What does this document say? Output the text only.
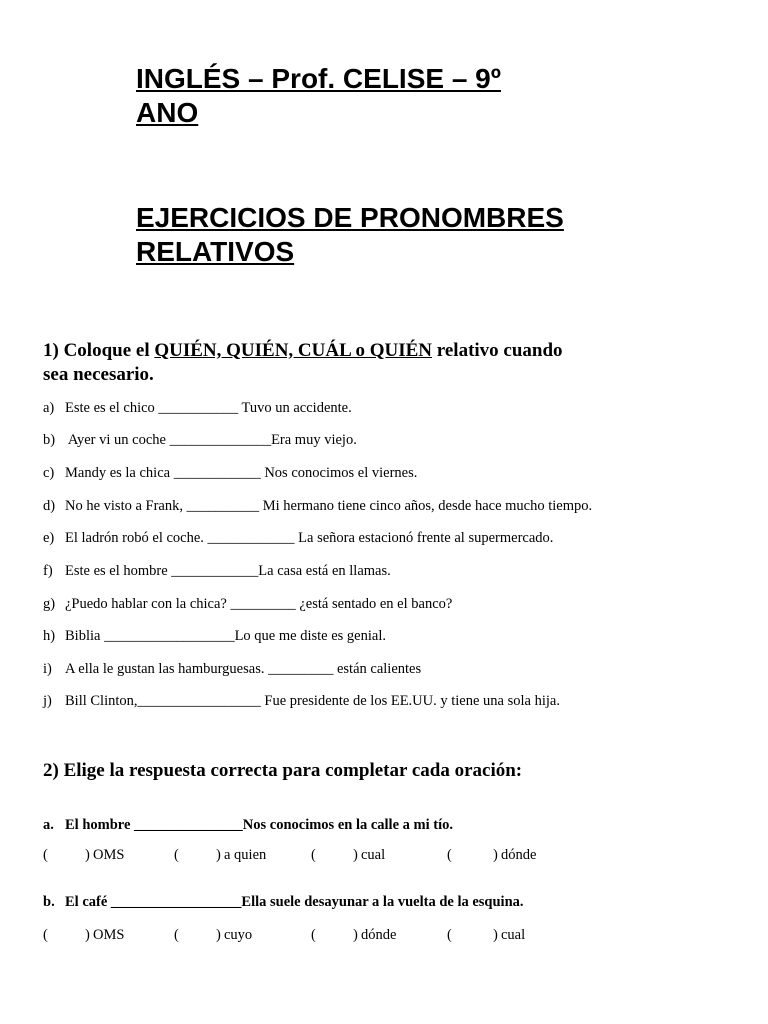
INGLÉS – Prof. CELISE – 9º
ANO
EJERCICIOS DE PRONOMBRES
RELATIVOS

1) Coloque el QUIÉN, QUIÉN, CUÁL o QUIÉN relativo cuando
sea necesario.

a) Este es el chico ___________ Tuvo un accidente.
b) Ayer vi un coche ______________Era muy viejo.
c) Mandy es la chica ____________ Nos conocimos el viernes.
d) No he visto a Frank, __________ Mi hermano tiene cinco años, desde hace mucho tiempo.
e) El ladrón robó el coche. ____________ La señora estacionó frente al supermercado.
f) Este es el hombre ____________La casa está en llamas.
g) ¿Puedo hablar con la chica? _________ ¿está sentado en el banco?
h) Biblia __________________Lo que me diste es genial.
i) A ella le gustan las hamburguesas. _________ están calientes
j) Bill Clinton,_________________ Fue presidente de los EE.UU. y tiene una sola hija.

2) Elige la respuesta correcta para completar cada oración:

a. El hombre _______________Nos conocimos en la calle a mi tío.
(	) OMS	(	) a quien	(	) cual	(	) dónde
b. El café __________________Ella suele desayunar a la vuelta de la esquina.
(	) OMS	(	) cuyo	(	) dónde	(	) cual
